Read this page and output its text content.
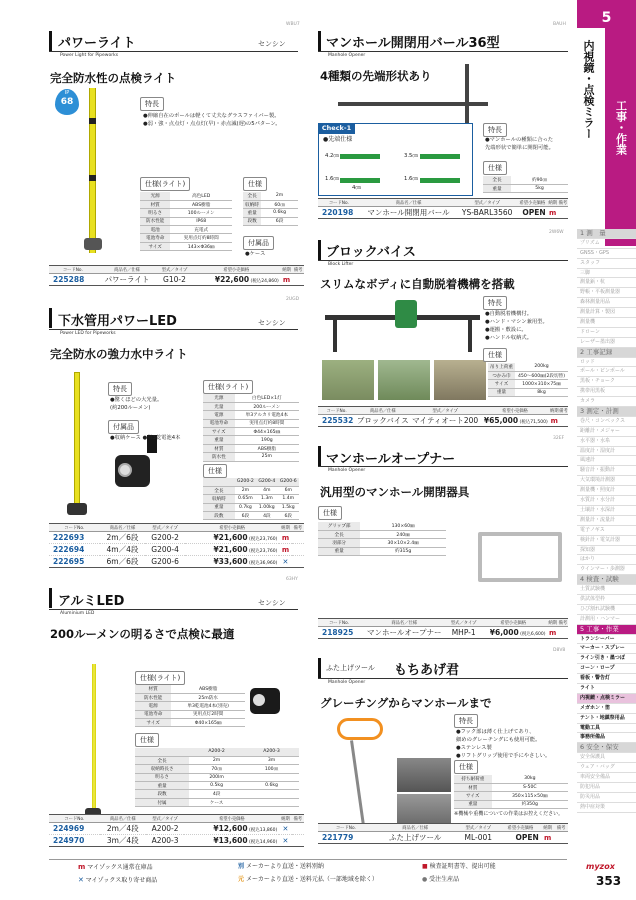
WBU7
パワーライト	センシン
Power Light for Pipeworks
完全防水性の点検ライト
IP
68	特長
●伸縮自在のポールは軽くて丈夫なグラスファイバー製。
●弱・強・点点灯・点点灯(早)・赤点滅(遅)の5パターン。
仕様(ライト)
光源	高色LED
材質	ABS樹脂
明るさ	100ルーメン
防水性能	IP68
電池	充電式
電池寿命	実用点灯約8時間
サイズ	143×Φ36㎜
仕様
全長	2m
収納時	60㎝
重量	0.6kg
段数	6段
付属品
●ケース
コードNo.	商品名／仕様	型式／タイプ	希望小売価格	納期	備考
225288	パワーライト	G10-2	¥22,600 (税込24,860)	m	
2UGD
下水管用パワーLED	センシン
Power LED for Pipeworks
完全防水の強力水中ライト
特長
●驚くほどの大光量。
(約200ルーメン)
付属品
●収納ケース ●単3乾電池4本
仕様(ライト)
光源	白色LED×1灯
光量	200ルーメン
電源	単3アルカリ電池4本
電池寿命	実用点灯約8時間
サイズ	Φ44×165㎜
重量	190g
材質	ABS樹脂
防水性	25m
仕様
	G200-2	G200-4	G200-6
全長	2m	4m	6m
収納時	0.65m	1.3m	1.4m
重量	0.7kg	1.00kg	1.5kg
段数	6段	4段	6段
コードNo.	商品名／仕様	型式／タイプ	希望小売価格	納期	備考
222693	2m／6段	G200-2	¥21,600 (税込23,760)	m	
222694	4m／4段	G200-4	¥21,600 (税込23,760)	m	
222695	6m／6段	G200-6	¥33,600 (税込36,960)	✕	
63HY
アルミLED	センシン
Aluminium LED
200ルーメンの明るさで点検に最適
仕様(ライト)
材質	ABS樹脂
防水性能	25m防水
電源	単3乾電池4本(別売)
電池寿命	実用点灯2時間
サイズ	Φ40×165㎜
仕様
	A200-2	A200-3
全長	2m	3m
収納時長さ	70㎝	100㎝
明るさ	200lm	
重量	0.5kg	0.6kg
段数	4段	
付属	ケース	
コードNo.	商品名／仕様	型式／タイプ	希望小売価格	納期	備考
224969	2m／4段	A200-2	¥12,600 (税込13,860)	✕	
224970	3m／4段	A200-3	¥13,600 (税込14,960)	✕	
BAUH
マンホール開閉用バール36型
Manhole Opener
4種類の先端形状あり
Check-1
●先端仕様
4.2㎝	3.5㎝
1.6㎝
4㎝
1.6㎝
特長
●マンホールの種類に合った
先端形状で簡単に開閉可能。
仕様
全長	約90㎝
重量	5kg
コードNo.	商品名／仕様	型式／タイプ	希望小売価格	納期	備考
220198	マンホール開閉用バール	YS-BARL3560	OPEN	m	
2W6W
ブロックバイス
Block Lifter
スリムなボディに自動脱着機構を搭載
特長
●自動脱着機構付。
●ハンド・マシン兼用型。
●運搬・敷設に。
●ハンドル収納式。
仕様
吊り上荷重	200kg
つかみ巾	450～600㎜(2段切替)
サイズ	1000×310×75㎜
重量	8kg
コードNo.	商品名／仕様	型式／タイプ	希望小売価格	納期	備考
225532	ブロックバイス	マイティオート200	¥65,000 (税込71,500)	m	
32EF
マンホールオープナー
Manhole Opener
汎用型のマンホール開閉器具
仕様
グリップ部	130×60㎜
全長	240㎜
羽部分	30×10×2.4㎜
重量	約315g
コードNo.	商品名／仕様	型式／タイプ	希望小売価格	納期	備考
218925	マンホールオープナー	MHP-1	¥6,000 (税込6,600)	m	
D8V8
ふた上げツール もちあげ君
Manhole Opener
グレーチングからマンホールまで
特長
●フック部は薄く仕上げてあり、
細めのグレーチングにも使用可能。
●ステンレス製
●リフトグリップ使用で手にやさしい。
仕様
持ち耐荷重	30kg
材質	S-50C
サイズ	350×115×50㎜
重量	約350g
※機械や重機についての作業はお控えください。
コードNo.	商品名／仕様	型式／タイプ	希望小売価格	納期	備考
221779	ふた上げツール	ML-001	OPEN	m	
5
内視鏡・点検ミラー	工事・作業
1 測　量
プリズム
GNSS・GPS
スタッフ
三脚
測量鋲・杭
野帳・平板測量器
森林測量用品
測量計算・製図
測量機
ドローン
レーザー墨出器
2 工事記録
ロッド
ポール・ピンポール
黒板・チョーク
携帯用黒板
カメラ
3 測定・計測
巻尺・コンベックス
距離計・メジャー
水平器・水糸
温度計・湿度計
風速計
騒音計・振動計
大気環境計測器
測量機・照度計
水質計・水分計
土壌計・水深計
測量計・流量計
電子ノギス
検針計・電気計器
探知器
はかり
ウインマー・歩測器
4 検査・試験
土質試験機
供試体型枠
ひび割れ試験機
計測用・ハンマー
5 工事・作業
トランシーバー
マーカー・スプレー
ライン引き・墨つぼ
コーン・ロープ
看板・警告灯
ライト
内視鏡・点検ミラー
メガホン・笛
テント・地鎮祭用品
電動工具
事務所備品
6 安全・保安
安全保護具
ウェア・バッグ
車両安全備品
防犯用品
防災用品
熱中症対策
m マイゾックス通常在庫品
✕ マイゾックス取り寄せ商品
別 メーカーより直送・送料別納
元 メーカーより直送・送料元払（一部地域を除く）
■ 検査証明書等、提出可能
● 受注生産品
myzox
353
